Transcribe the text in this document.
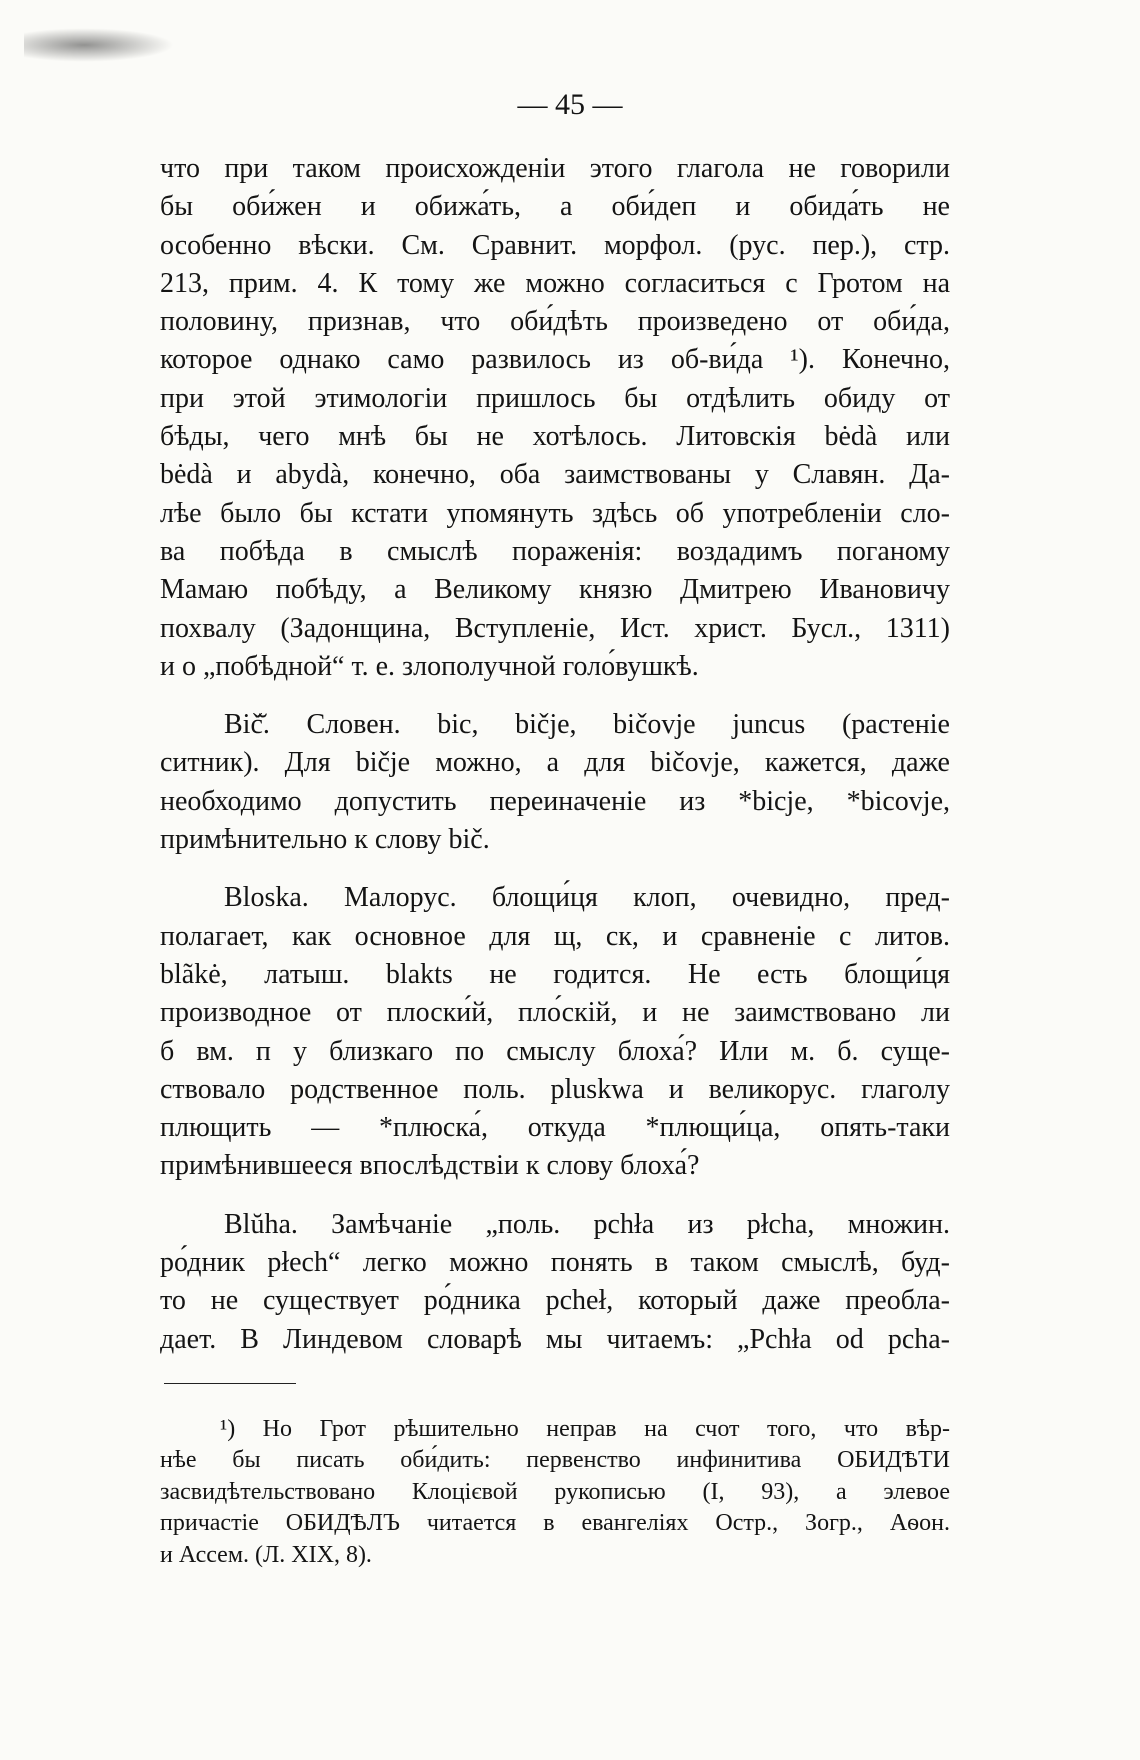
— 45 —
что при таком происхожденіи этого глагола не говорили
бы оби́жен и обижа́ть, а оби́деп и обида́ть не
особенно вѣски. См. Сравнит. морфол. (рус. пер.), стр.
213, прим. 4. К тому же можно согласиться с Гротом на
половину, признав, что оби́дѣть произведено от оби́да,
которое однако само развилось из об-ви́да ¹). Конечно,
при этой этимологіи пришлось бы отдѣлить обиду от
бѣды, чего мнѣ бы не хотѣлось. Литовскія bėdà или
bėdà и abydà, конечно, оба заимствованы у Славян. Да-
лѣе было бы кстати упомянуть здѣсь об употребленіи сло-
ва побѣда в смыслѣ пораженія: воздадимъ поганому
Мамаю побѣду, а Великому князю Дмитрею Ивановичу
похвалу (Задонщина, Вступленіе, Ист. христ. Бусл., 1311)
и о „побѣдной“ т. е. злополучной голо́вушкѣ.
Bič̆. Словен. bic, bičje, bičovje juncus (растеніе
ситник). Для bičje можно, а для bičovje, кажется, даже
необходимо допустить переиначеніе из *bicje, *bicovje,
примѣнительно к слову bič.
Bloska. Малорус. блощи́ця клоп, очевидно, пред-
полагает, как основное для щ, ск, и сравненіе с литов.
blãkė, латыш. blakts не годится. Не есть блощи́ця
производное от плоски́й, пло́скій, и не заимствовано ли
б вм. п у близкаго по смыслу блоха́? Или м. б. суще-
ствовало родственное поль. pluskwa и великорус. глаголу
плющить — *плюска́, откуда *плющи́ца, опять-таки
примѣнившееся впослѣдствіи к слову блоха́?
Blŭha. Замѣчаніе „поль. pchła из płcha, множин.
ро́дник płech“ легко можно понять в таком смыслѣ, буд-
то не существует ро́дника pcheł, который даже преобла-
дает. В Линдевом словарѣ мы читаемъ: „Pchła od pcha-
¹) Но Грот рѣшительно неправ на счот того, что вѣр-
нѣе бы писать оби́дить: первенство инфинитива ОБИДѢТИ
засвидѣтельствовано Клоцієвой рукописью (I, 93), а элевое
причастіе ОБИДѢЛЪ читается в евангеліях Остр., Зогр., Аѳон.
и Ассем. (Л. XIX, 8).
